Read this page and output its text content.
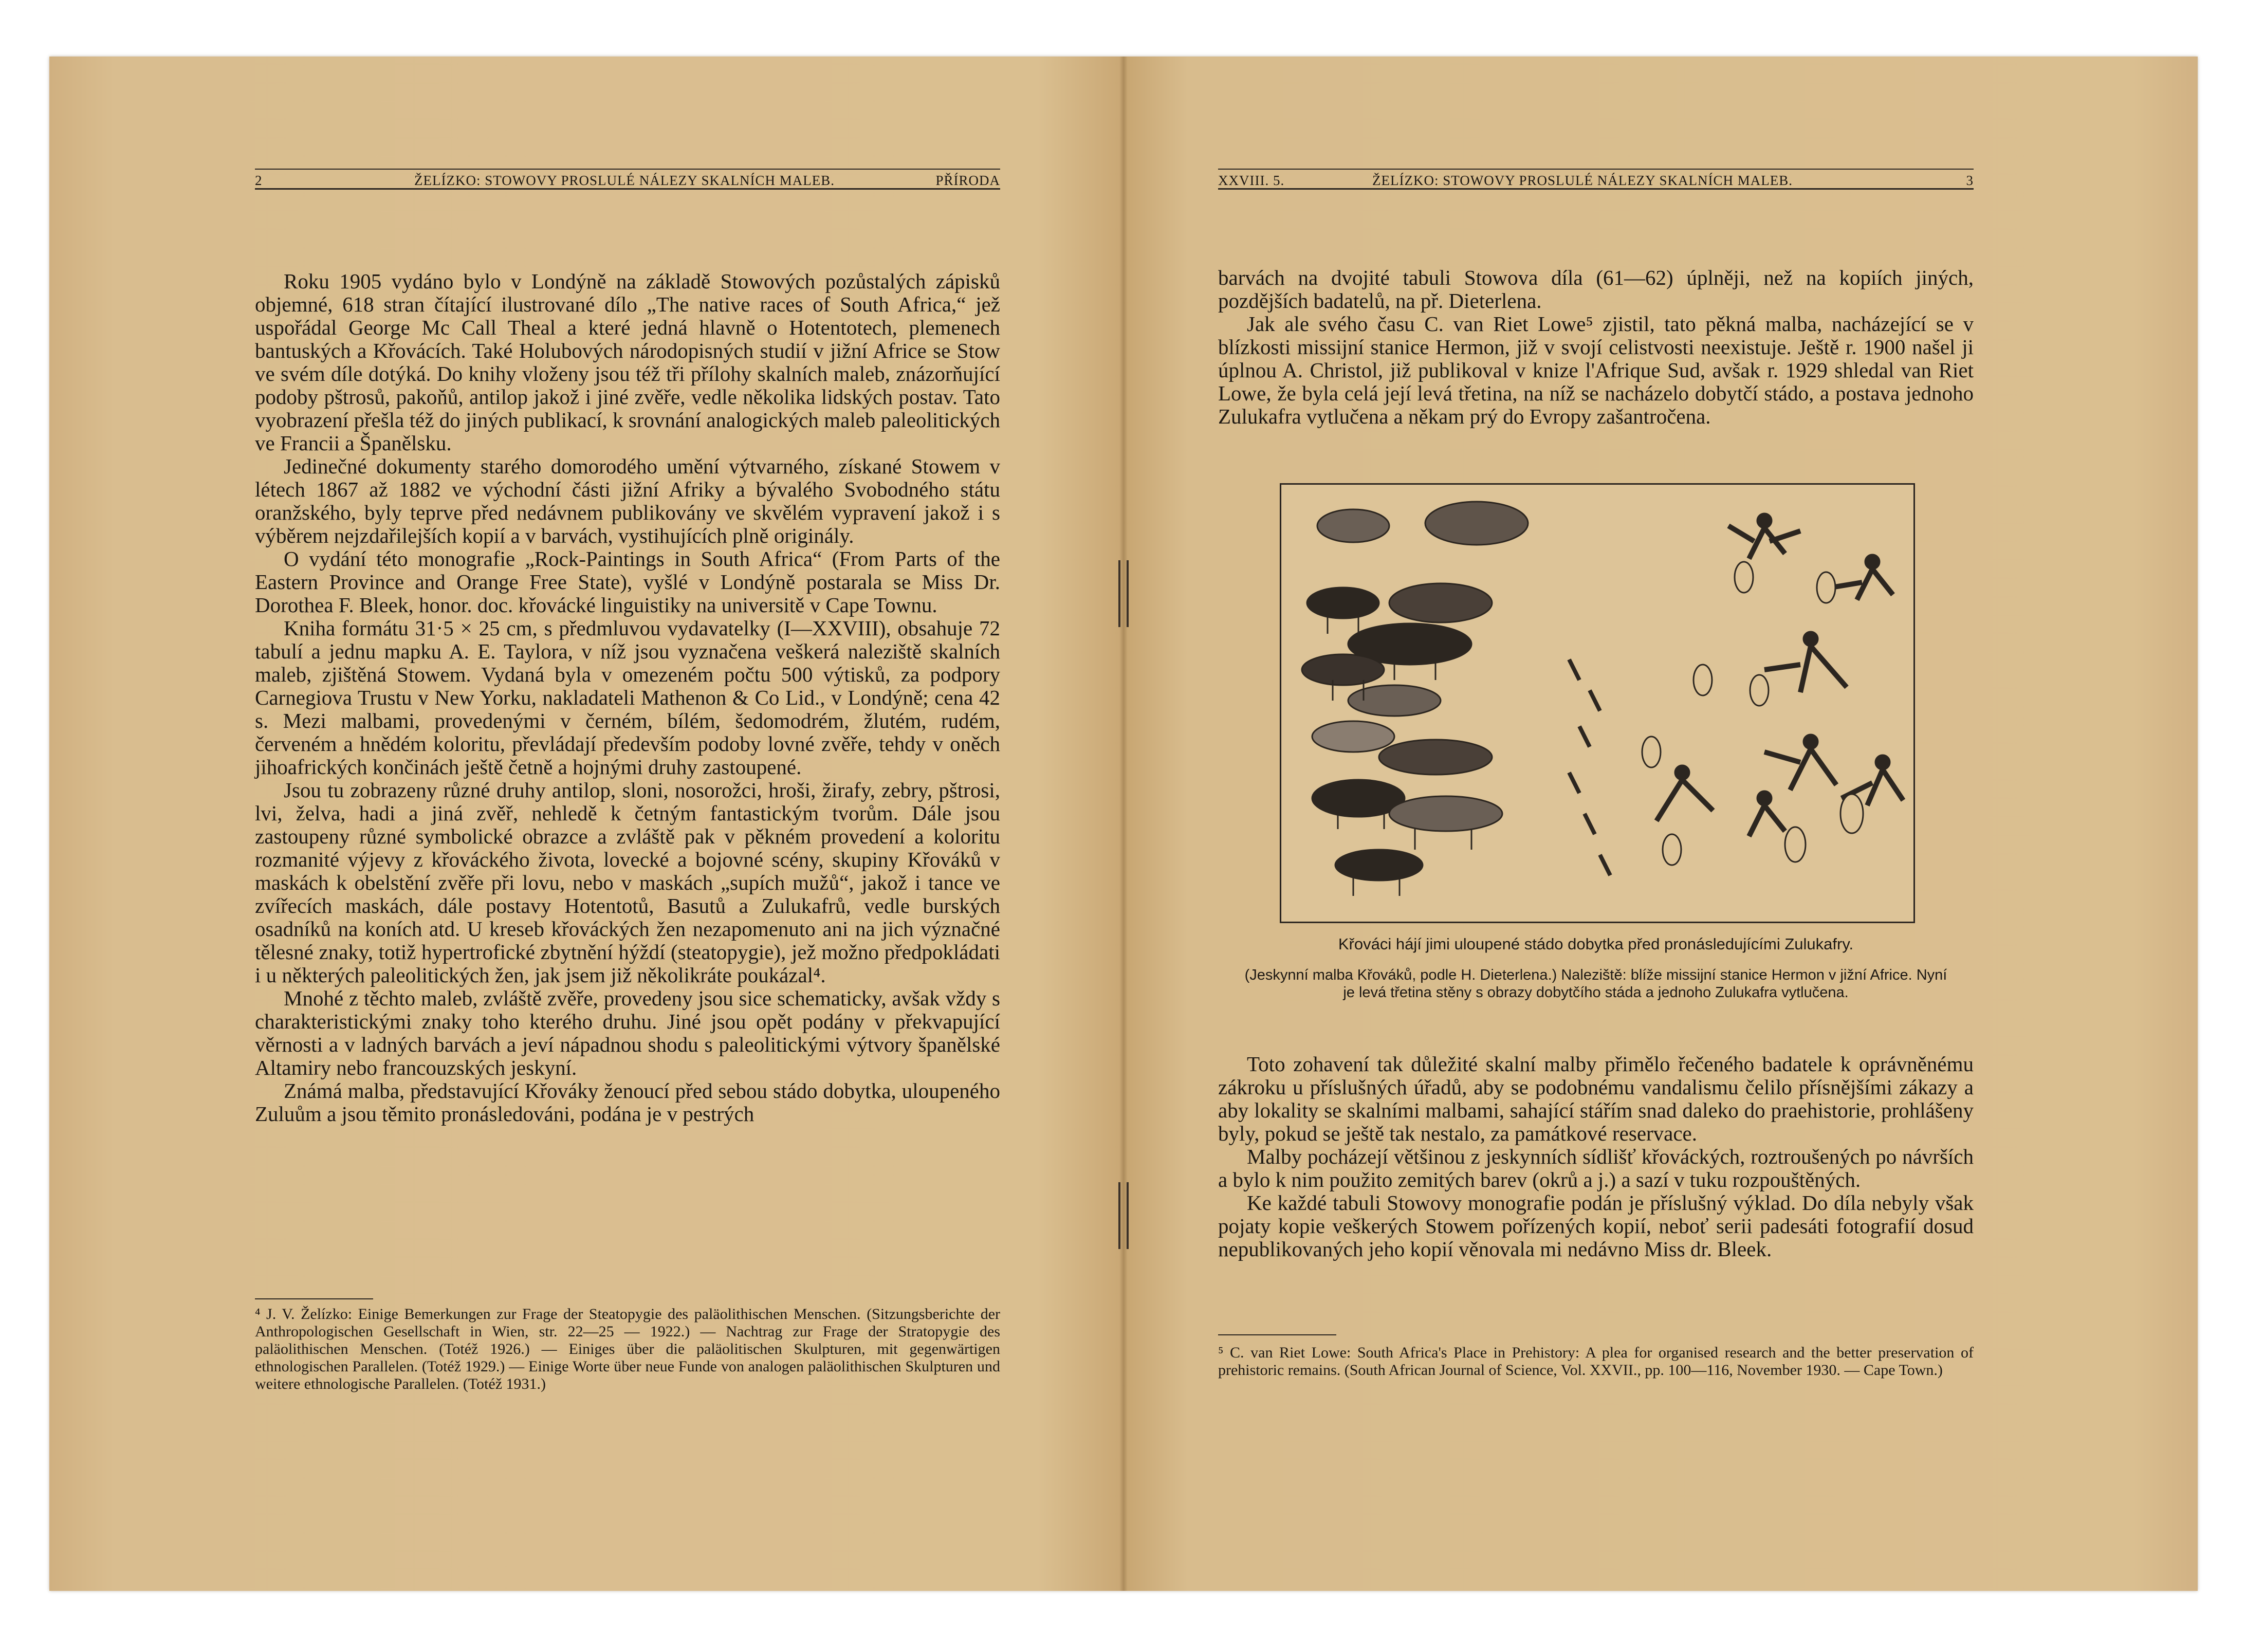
2	ŽELÍZKO: STOWOVY PROSLULÉ NÁLEZY SKALNÍCH MALEB.	PŘÍRODA

Roku 1905 vydáno bylo v Londýně na základě Stowových pozůstalých zápisků objemné, 618 stran čítající ilustrované dílo „The native races of South Africa,“ jež uspořádal George Mc Call Theal a které jedná hlavně o Hotentotech, plemenech bantuských a Křovácích. Také Holubových národopisných studií v jižní Africe se Stow ve svém díle dotýká. Do knihy vloženy jsou též tři přílohy skalních maleb, znázorňující podoby pštrosů, pakoňů, antilop jakož i jiné zvěře, vedle několika lidských postav. Tato vyobrazení přešla též do jiných publikací, k srovnání analogických maleb paleolitických ve Francii a Španělsku.

Jedinečné dokumenty starého domorodého umění výtvarného, získané Stowem v létech 1867 až 1882 ve východní části jižní Afriky a bývalého Svobodného státu oranžského, byly teprve před nedávnem publikovány ve skvělém vypravení jakož i s výběrem nejzdařilejších kopií a v barvách, vystihujících plně originály.

O vydání této monografie „Rock-Paintings in South Africa“ (From Parts of the Eastern Province and Orange Free State), vyšlé v Londýně postarala se Miss Dr. Dorothea F. Bleek, honor. doc. křovácké linguistiky na universitě v Cape Townu.

Kniha formátu 31·5 × 25 cm, s předmluvou vydavatelky (I—XXVIII), obsahuje 72 tabulí a jednu mapku A. E. Taylora, v níž jsou vyznačena veškerá naleziště skalních maleb, zjištěná Stowem. Vydaná byla v omezeném počtu 500 výtisků, za podpory Carnegiova Trustu v New Yorku, nakladateli Mathenon & Co Lid., v Londýně; cena 42 s. Mezi malbami, provedenými v černém, bílém, šedomodrém, žlutém, rudém, červeném a hnědém koloritu, převládají především podoby lovné zvěře, tehdy v oněch jihoafrických končinách ještě četně a hojnými druhy zastoupené.

Jsou tu zobrazeny různé druhy antilop, sloni, nosorožci, hroši, žirafy, zebry, pštrosi, lvi, želva, hadi a jiná zvěř, nehledě k četným fantastickým tvorům. Dále jsou zastoupeny různé symbolické obrazce a zvláště pak v pěkném provedení a koloritu rozmanité výjevy z křováckého života, lovecké a bojovné scény, skupiny Křováků v maskách k obelstění zvěře při lovu, nebo v maskách „supích mužů“, jakož i tance ve zvířecích maskách, dále postavy Hotentotů, Basutů a Zulukafrů, vedle burských osadníků na koních atd. U kreseb křováckých žen nezapomenuto ani na jich význačné tělesné znaky, totiž hypertrofické zbytnění hýždí (steatopygie), jež možno předpokládati i u některých paleolitických žen, jak jsem již několikráte poukázal⁴.

Mnohé z těchto maleb, zvláště zvěře, provedeny jsou sice schematicky, avšak vždy s charakteristickými znaky toho kterého druhu. Jiné jsou opět podány v překvapující věrnosti a v ladných barvách a jeví nápadnou shodu s paleolitickými výtvory španělské Altamiry nebo francouzských jeskyní.

Známá malba, představující Křováky ženoucí před sebou stádo dobytka, uloupeného Zuluům a jsou těmito pronásledováni, podána je v pestrých

⁴ J. V. Želízko: Einige Bemerkungen zur Frage der Steatopygie des paläolithischen Menschen. (Sitzungsberichte der Anthropologischen Gesellschaft in Wien, str. 22—25 — 1922.) — Nachtrag zur Frage der Stratopygie des paläolithischen Menschen. (Totéž 1926.) — Einiges über die paläolitischen Skulpturen, mit gegenwärtigen ethnologischen Parallelen. (Totéž 1929.) — Einige Worte über neue Funde von analogen paläolithischen Skulpturen und weitere ethnologische Parallelen. (Totéž 1931.)
XXVIII. 5.	ŽELÍZKO: STOWOVY PROSLULÉ NÁLEZY SKALNÍCH MALEB.	3

barvách na dvojité tabuli Stowova díla (61—62) úplněji, než na kopiích jiných, pozdějších badatelů, na př. Dieterlena.

Jak ale svého času C. van Riet Lowe⁵ zjistil, tato pěkná malba, nacházející se v blízkosti missijní stanice Hermon, již v svojí celistvosti neexistuje. Ještě r. 1900 našel ji úplnou A. Christol, již publikoval v knize l'Afrique Sud, avšak r. 1929 shledal van Riet Lowe, že byla celá její levá třetina, na níž se nacházelo dobytčí stádo, a postava jednoho Zulukafra vytlučena a někam prý do Evropy zašantročena.

Křováci hájí jimi uloupené stádo dobytka před pronásledujícími Zulukafry.
(Jeskynní malba Křováků, podle H. Dieterlena.) Naleziště: blíže missijní stanice Hermon v jižní Africe. Nyní je levá třetina stěny s obrazy dobytčího stáda a jednoho Zulukafra vytlučena.

Toto zohavení tak důležité skalní malby přimělo řečeného badatele k oprávněnému zákroku u příslušných úřadů, aby se podobnému vandalismu čelilo přísnějšími zákazy a aby lokality se skalními malbami, sahající stářím snad daleko do praehistorie, prohlášeny byly, pokud se ještě tak nestalo, za památkové reservace.

Malby pocházejí většinou z jeskynních sídlišť křováckých, roztroušených po návrších a bylo k nim použito zemitých barev (okrů a j.) a sazí v tuku rozpouštěných.

Ke každé tabuli Stowovy monografie podán je příslušný výklad. Do díla nebyly však pojaty kopie veškerých Stowem pořízených kopií, neboť serii padesáti fotografií dosud nepublikovaných jeho kopií věnovala mi nedávno Miss dr. Bleek.

⁵ C. van Riet Lowe: South Africa's Place in Prehistory: A plea for organised research and the better preservation of prehistoric remains. (South African Journal of Science, Vol. XXVII., pp. 100—116, November 1930. — Cape Town.)
